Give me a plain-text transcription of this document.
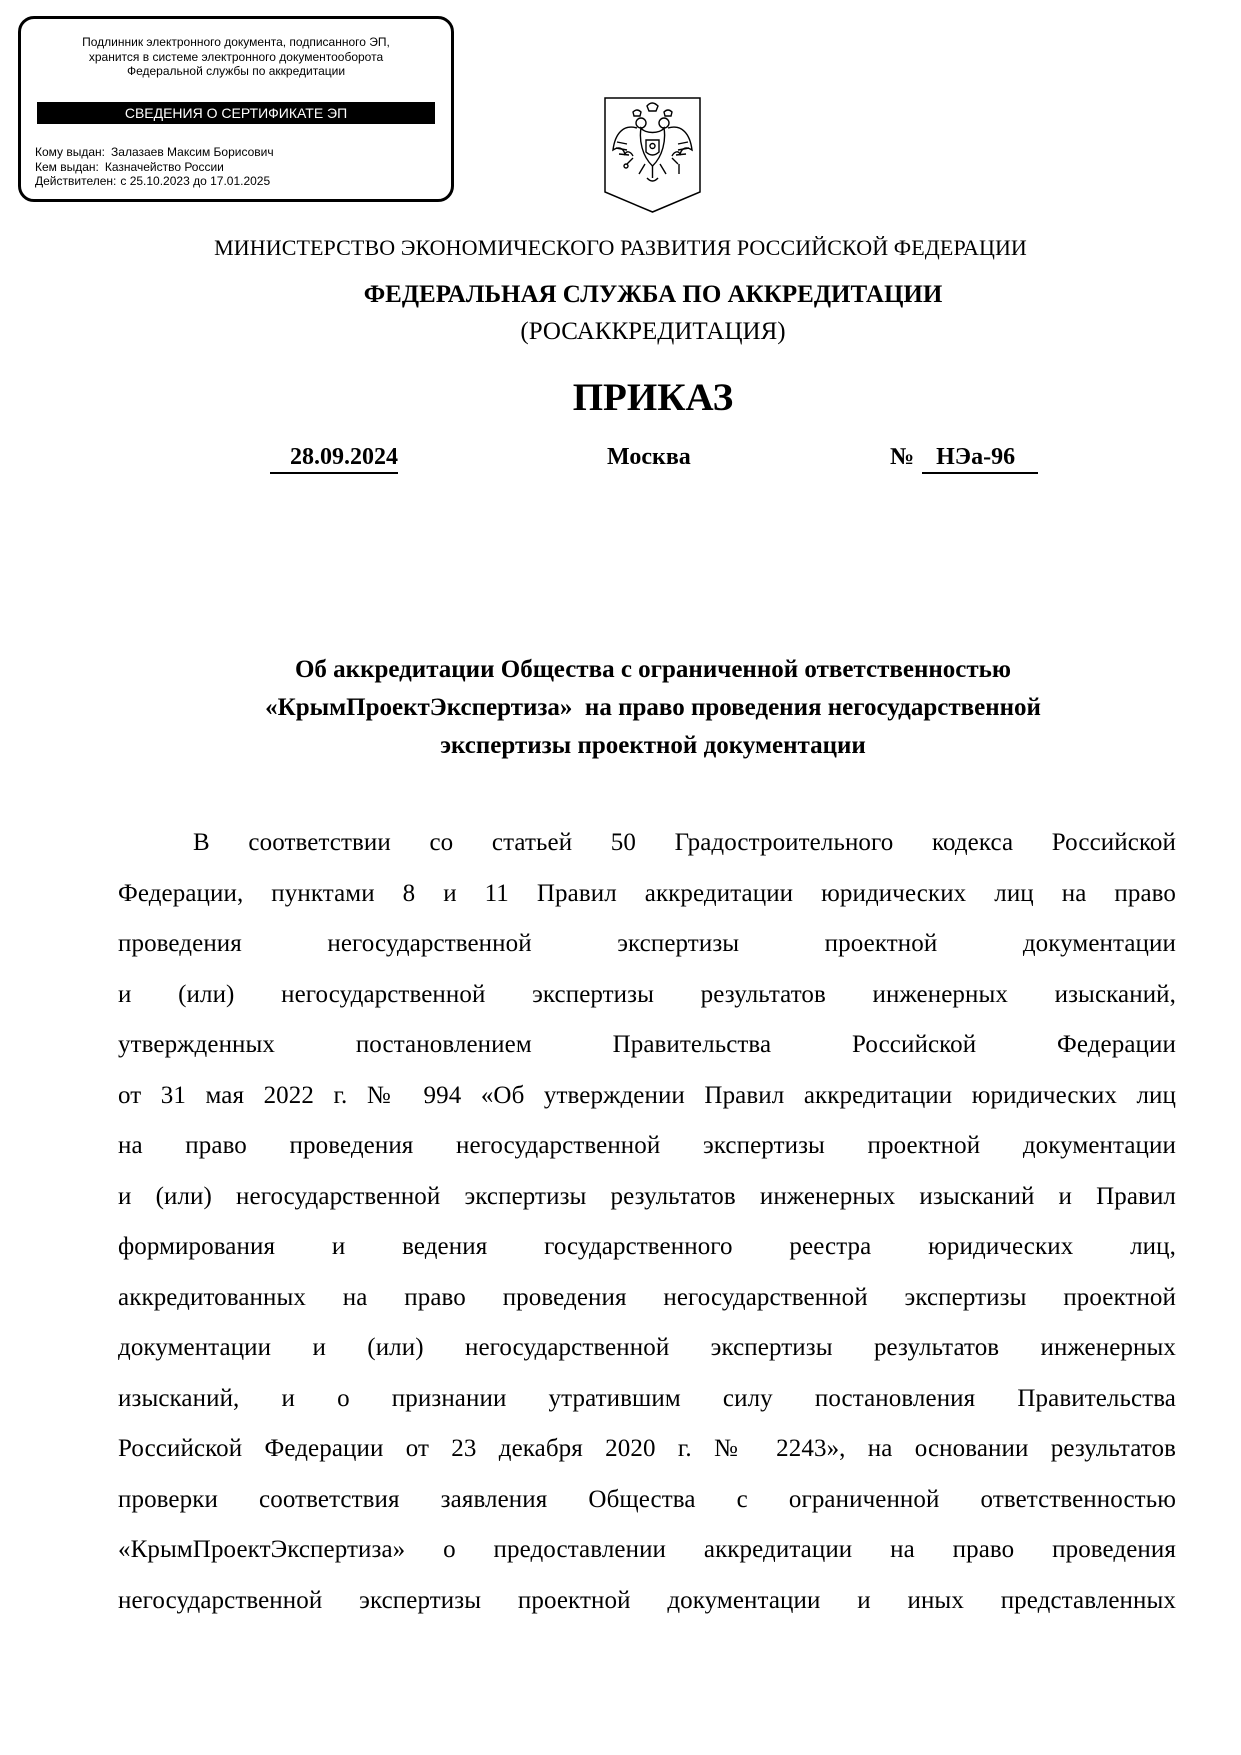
Подлинник электронного документа, подписанного ЭП,
хранится в системе электронного документооборота
Федеральной службы по аккредитации
СВЕДЕНИЯ О СЕРТИФИКАТЕ ЭП
Кому выдан: Залазаев Максим Борисович
Кем выдан: Казначейство России
Действителен: с 25.10.2023 до 17.01.2025
МИНИСТЕРСТВО ЭКОНОМИЧЕСКОГО РАЗВИТИЯ РОССИЙСКОЙ ФЕДЕРАЦИИ
ФЕДЕРАЛЬНАЯ СЛУЖБА ПО АККРЕДИТАЦИИ
(РОСАККРЕДИТАЦИЯ)
ПРИКАЗ
28.09.2024	Москва	№ НЭа-96
Об аккредитации Общества с ограниченной ответственностью
«КрымПроектЭкспертиза»  на право проведения негосударственной
экспертизы проектной документации
В соответствии со статьей 50 Градостроительного кодекса Российской
Федерации, пунктами 8 и 11 Правил аккредитации юридических лиц на право
проведения негосударственной экспертизы проектной документации
и (или) негосударственной экспертизы результатов инженерных изысканий,
утвержденных постановлением Правительства Российской Федерации
от 31 мая 2022 г. № 994 «Об утверждении Правил аккредитации юридических лиц
на право проведения негосударственной экспертизы проектной документации
и (или) негосударственной экспертизы результатов инженерных изысканий и Правил
формирования и ведения государственного реестра юридических лиц,
аккредитованных на право проведения негосударственной экспертизы проектной
документации и (или) негосударственной экспертизы результатов инженерных
изысканий, и о признании утратившим силу постановления Правительства
Российской Федерации от 23 декабря 2020 г. № 2243», на основании результатов
проверки соответствия заявления Общества с ограниченной ответственностью
«КрымПроектЭкспертиза» о предоставлении аккредитации на право проведения
негосударственной экспертизы проектной документации и иных представленных
